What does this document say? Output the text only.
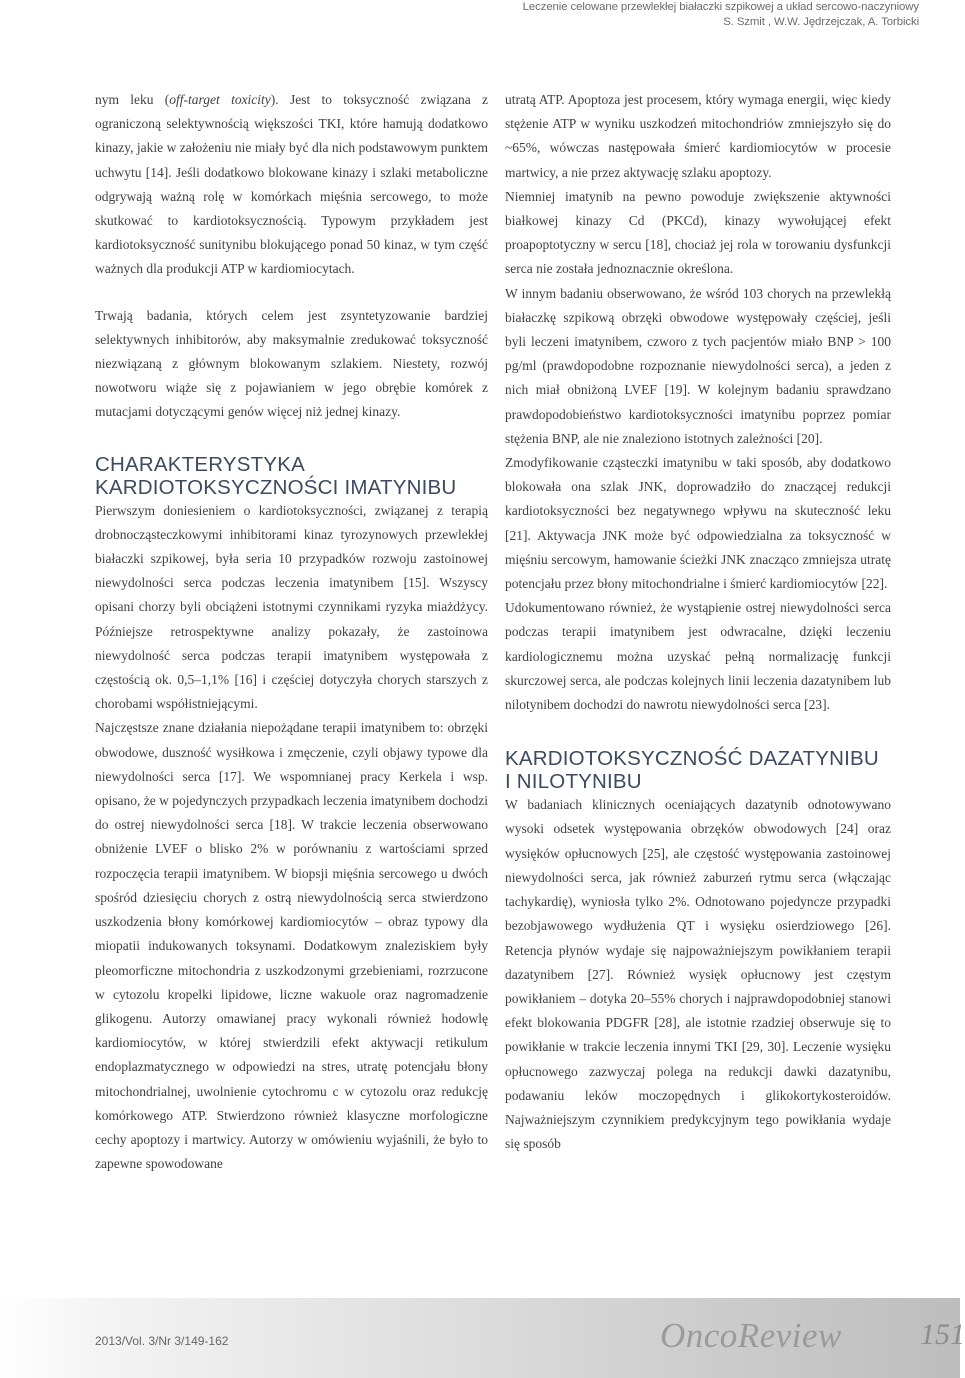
Leczenie celowane przewlekłej białaczki szpikowej a układ sercowo-naczyniowy
S. Szmit , W.W. Jędrzejczak, A. Torbicki

nym leku (off-target toxicity). Jest to toksyczność związana z ograniczoną selektywnością większości TKI, które hamują dodatkowo kinazy, jakie w założeniu nie miały być dla nich podstawowym punktem uchwytu [14]. Jeśli dodatkowo blokowane kinazy i szlaki metaboliczne odgrywają ważną rolę w komórkach mięśnia sercowego, to może skutkować to kardiotoksycznością. Typowym przykładem jest kardiotoksyczność sunitynibu blokującego ponad 50 kinaz, w tym część ważnych dla produkcji ATP w kardiomiocytach.

Trwają badania, których celem jest zsyntetyzowanie bardziej selektywnych inhibitorów, aby maksymalnie zredukować toksyczność niezwiązaną z głównym blokowanym szlakiem. Niestety, rozwój nowotworu wiąże się z pojawianiem w jego obrębie komórek z mutacjami dotyczącymi genów więcej niż jednej kinazy.

CHARAKTERYSTYKA
KARDIOTOKSYCZNOŚCI IMATYNIBU

Pierwszym doniesieniem o kardiotoksyczności, związanej z terapią drobnocząsteczkowymi inhibitorami kinaz tyrozynowych przewlekłej białaczki szpikowej, była seria 10 przypadków rozwoju zastoinowej niewydolności serca podczas leczenia imatynibem [15]. Wszyscy opisani chorzy byli obciążeni istotnymi czynnikami ryzyka miażdżycy. Późniejsze retrospektywne analizy pokazały, że zastoinowa niewydolność serca podczas terapii imatynibem występowała z częstością ok. 0,5–1,1% [16] i częściej dotyczyła chorych starszych z chorobami współistniejącymi.

Najczęstsze znane działania niepożądane terapii imatynibem to: obrzęki obwodowe, duszność wysiłkowa i zmęczenie, czyli objawy typowe dla niewydolności serca [17]. We wspomnianej pracy Kerkela i wsp. opisano, że w pojedynczych przypadkach leczenia imatynibem dochodzi do ostrej niewydolności serca [18]. W trakcie leczenia obserwowano obniżenie LVEF o blisko 2% w porównaniu z wartościami sprzed rozpoczęcia terapii imatynibem. W biopsji mięśnia sercowego u dwóch spośród dziesięciu chorych z ostrą niewydolnością serca stwierdzono uszkodzenia błony komórkowej kardiomiocytów – obraz typowy dla miopatii indukowanych toksynami. Dodatkowym znaleziskiem były pleomorficzne mitochondria z uszkodzonymi grzebieniami, rozrzucone w cytozolu kropelki lipidowe, liczne wakuole oraz nagromadzenie glikogenu. Autorzy omawianej pracy wykonali również hodowlę kardiomiocytów, w której stwierdzili efekt aktywacji retikulum endoplazmatycznego w odpowiedzi na stres, utratę potencjału błony mitochondrialnej, uwolnienie cytochromu c w cytozolu oraz redukcję komórkowego ATP. Stwierdzono również klasyczne morfologiczne cechy apoptozy i martwicy. Autorzy w omówieniu wyjaśnili, że było to zapewne spowodowane

utratą ATP. Apoptoza jest procesem, który wymaga energii, więc kiedy stężenie ATP w wyniku uszkodzeń mitochondriów zmniejszyło się do ~65%, wówczas następowała śmierć kardiomiocytów w procesie martwicy, a nie przez aktywację szlaku apoptozy.

Niemniej imatynib na pewno powoduje zwiększenie aktywności białkowej kinazy Cd (PKCd), kinazy wywołującej efekt proapoptotyczny w sercu [18], chociaż jej rola w torowaniu dysfunkcji serca nie została jednoznacznie określona.

W innym badaniu obserwowano, że wśród 103 chorych na przewlekłą białaczkę szpikową obrzęki obwodowe występowały częściej, jeśli byli leczeni imatynibem, czworo z tych pacjentów miało BNP > 100 pg/ml (prawdopodobne rozpoznanie niewydolności serca), a jeden z nich miał obniżoną LVEF [19]. W kolejnym badaniu sprawdzano prawdopodobieństwo kardiotoksyczności imatynibu poprzez pomiar stężenia BNP, ale nie znaleziono istotnych zależności [20].

Zmodyfikowanie cząsteczki imatynibu w taki sposób, aby dodatkowo blokowała ona szlak JNK, doprowadziło do znaczącej redukcji kardiotoksyczności bez negatywnego wpływu na skuteczność leku [21]. Aktywacja JNK może być odpowiedzialna za toksyczność w mięśniu sercowym, hamowanie ścieżki JNK znacząco zmniejsza utratę potencjału przez błony mitochondrialne i śmierć kardiomiocytów [22].

Udokumentowano również, że wystąpienie ostrej niewydolności serca podczas terapii imatynibem jest odwracalne, dzięki leczeniu kardiologicznemu można uzyskać pełną normalizację funkcji skurczowej serca, ale podczas kolejnych linii leczenia dazatynibem lub nilotynibem dochodzi do nawrotu niewydolności serca [23].

KARDIOTOKSYCZNOŚĆ DAZATYNIBU
I NILOTYNIBU

W badaniach klinicznych oceniających dazatynib odnotowywano wysoki odsetek występowania obrzęków obwodowych [24] oraz wysięków opłucnowych [25], ale częstość występowania zastoinowej niewydolności serca, jak również zaburzeń rytmu serca (włączając tachykardię), wyniosła tylko 2%. Odnotowano pojedyncze przypadki bezobjawowego wydłużenia QT i wysięku osierdziowego [26]. Retencja płynów wydaje się najpoważniejszym powikłaniem terapii dazatynibem [27]. Również wysięk opłucnowy jest częstym powikłaniem – dotyka 20–55% chorych i najprawdopodobniej stanowi efekt blokowania PDGFR [28], ale istotnie rzadziej obserwuje się to powikłanie w trakcie leczenia innymi TKI [29, 30]. Leczenie wysięku opłucnowego zazwyczaj polega na redukcji dawki dazatynibu, podawaniu leków moczopędnych i glikokortykosteroidów. Najważniejszym czynnikiem predykcyjnym tego powikłania wydaje się sposób

2013/Vol. 3/Nr 3/149-162	OncoReview	151
